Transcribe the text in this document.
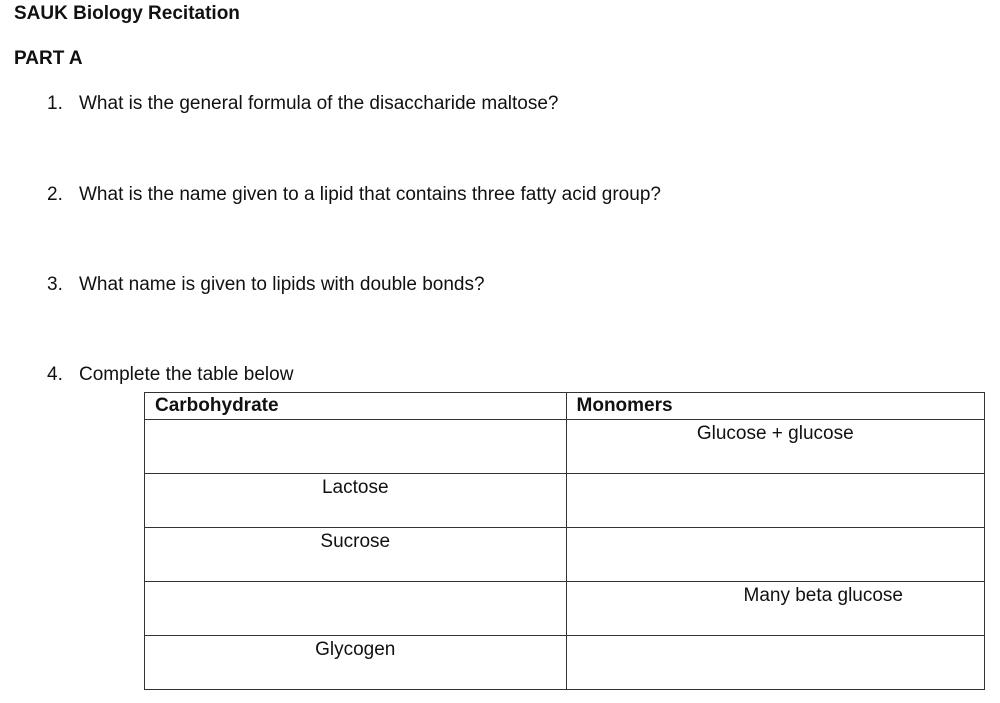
SAUK Biology Recitation
PART A

1. What is the general formula of the disaccharide maltose?

2. What is the name given to a lipid that contains three fatty acid group?

3. What name is given to lipids with double bonds?

4. Complete the table below

Carbohydrate	Monomers
	Glucose + glucose
Lactose	
Sucrose	
	Many beta glucose
Glycogen	
